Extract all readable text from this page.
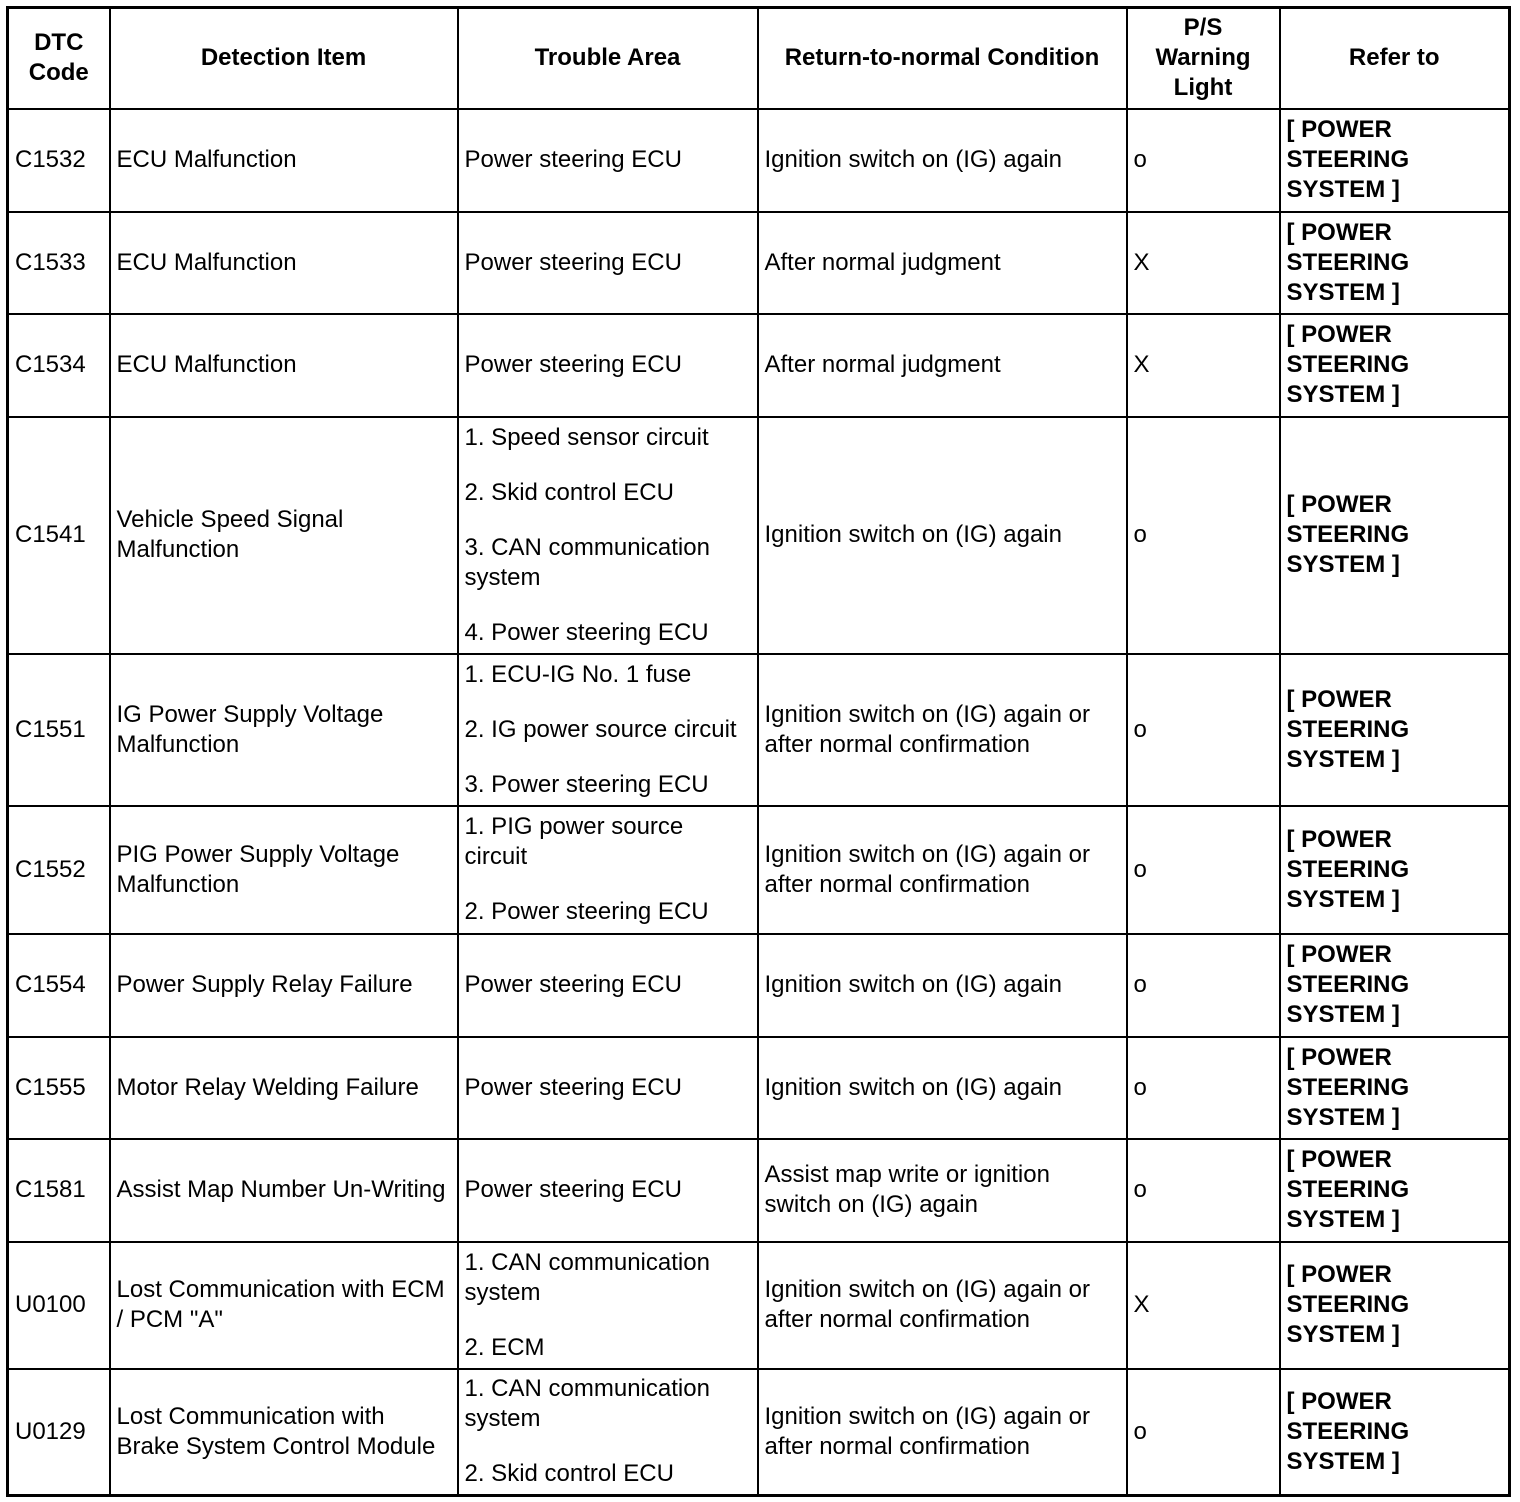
DTC Code	Detection Item	Trouble Area	Return-to-normal Condition	P/S Warning Light	Refer to
C1532	ECU Malfunction	Power steering ECU	Ignition switch on (IG) again	o	[ POWER STEERING SYSTEM ]

C1533	ECU Malfunction	Power steering ECU	After normal judgment	X	[ POWER STEERING SYSTEM ]

C1534	ECU Malfunction	Power steering ECU	After normal judgment	X	[ POWER STEERING SYSTEM ]

C1541	Vehicle Speed Signal Malfunction	1. Speed sensor circuit
2. Skid control ECU
3. CAN communication system
4. Power steering ECU	Ignition switch on (IG) again	o	[ POWER STEERING SYSTEM ]

C1551	IG Power Supply Voltage Malfunction	1. ECU-IG No. 1 fuse
2. IG power source circuit
3. Power steering ECU	Ignition switch on (IG) again or after normal confirmation	o	[ POWER STEERING SYSTEM ]

C1552	PIG Power Supply Voltage Malfunction	1. PIG power source circuit
2. Power steering ECU	Ignition switch on (IG) again or after normal confirmation	o	[ POWER STEERING SYSTEM ]

C1554	Power Supply Relay Failure	Power steering ECU	Ignition switch on (IG) again	o	[ POWER STEERING SYSTEM ]

C1555	Motor Relay Welding Failure	Power steering ECU	Ignition switch on (IG) again	o	[ POWER STEERING SYSTEM ]

C1581	Assist Map Number Un-Writing	Power steering ECU	Assist map write or ignition switch on (IG) again	o	[ POWER STEERING SYSTEM ]

U0100	Lost Communication with ECM / PCM "A"	1. CAN communication system
2. ECM	Ignition switch on (IG) again or after normal confirmation	X	[ POWER STEERING SYSTEM ]

U0129	Lost Communication with Brake System Control Module	1. CAN communication system
2. Skid control ECU	Ignition switch on (IG) again or after normal confirmation	o	[ POWER STEERING SYSTEM ]
